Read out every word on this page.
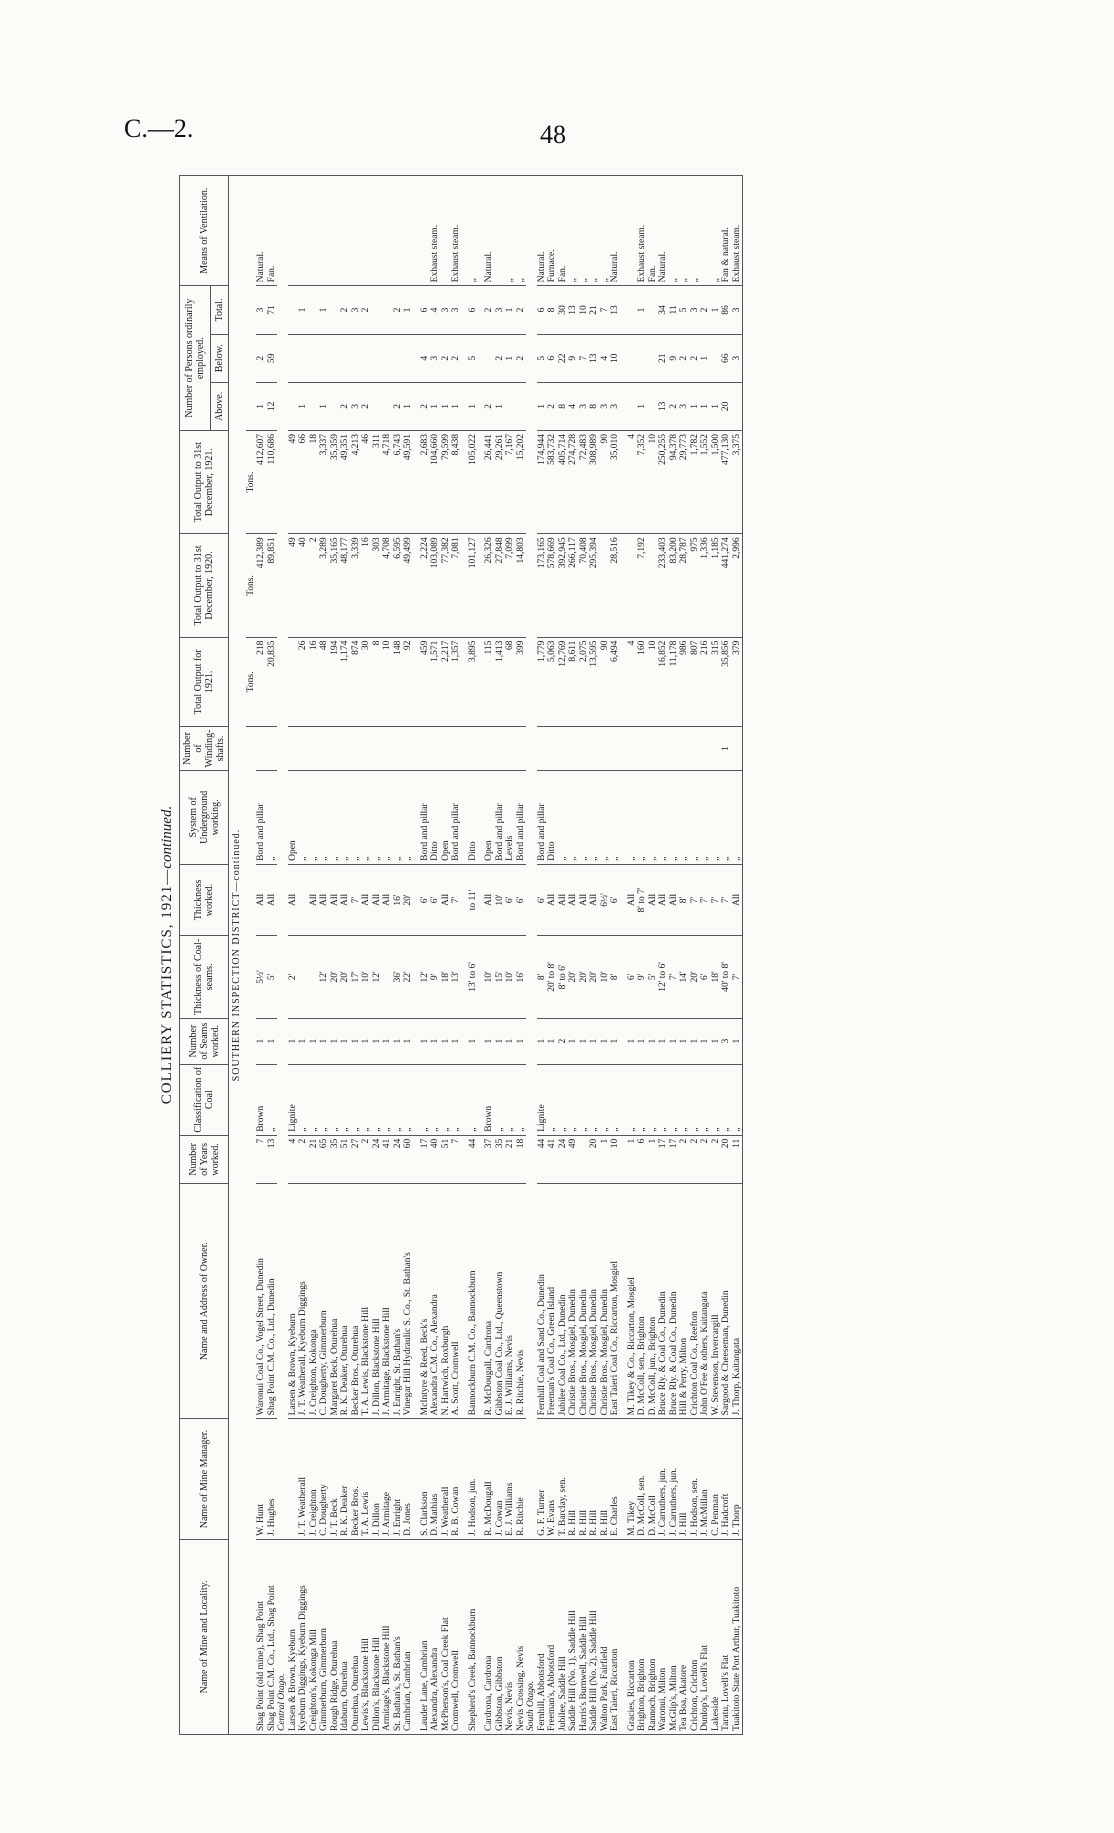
C.—2.	48
COLLIERY STATISTICS, 1921—continued.
Name of Mine and Locality.	Name of Mine Manager.	Name and Address of Owner.	Number of Years worked.	Classification of Coal	Number of Seams worked.	Thickness of Coal-seams.	Thickness worked.	System of Underground working.	Number of Winding-shafts.	Total Output for 1921.	Total Output to 31st December, 1920.	Total Output to 31st December, 1921.	Number of Persons ordinarily employed.			Means of Ventilation.
													Above.	Below.	Total.	
SOUTHERN INSPECTION DISTRICT—continued.																
										Tons.	Tons.	Tons.				
Shag Point (old mine), Shag Point	W. Hunt	Waronui Coal Co., Vogel Street, Dunedin	7	Brown	1	5½'	All	Bord and pillar		218	412,389	412,607	1	2	3	Natural.
Shag Point C.M. Co., Ltd., Shag Point	J. Hughes	Shag Point C.M. Co., Ltd., Dunedin	13	„	1	5'	All	„		20,835	89,851	110,686	12	59	71	Fan.
Central Otago.																
Larsen & Brown, Kyeburn		Larsen & Brown, Kyeburn	4	Lignite	1	2'	All	Open			49	49				
Kyeburn Diggings, Kyeburn Diggings	J. T. Weatherall	J. T. Weatherall, Kyeburn Diggings	2	„	1			„		26	40	66	1		1	
Creighton's, Kokonga Mill	J. Creighton	J. Creighton, Kokonga	21	„	1		All	„		16	2	18				
Gimmerburn, Gimmerburn	C. Dougherty	C. Dougherty, Gimmerburn	65	„	1	12'	All	„		48	3,289	3,337	1		1	
Rough Ridge, Oturehua	J. T. Beck	Margaret Beck, Oturehua	35	„	1	20'	All	„		194	35,165	35,359				
Idaburn, Oturehua	R. K. Deaker	R. K. Deaker, Oturehua	51	„	1	20'	All	„		1,174	48,177	49,351	2		2	
Oturehua, Oturehua	Becker Bros.	Becker Bros., Oturehua	27	„	1	17'	7'	„		874	3,339	4,213	3		3	
Lewis's, Blackstone Hill	T. A. Lewis	T. A. Lewis, Blackstone Hill	2	„	1	10'	All	„		30	16	46	2		2	
Dillon's, Blackstone Hill	J. Dillon	J. Dillon, Blackstone Hill	24	„	1	12'	All	„		8	303	311				
Armitage's, Blackstone Hill	J. Armitage	J. Armitage, Blackstone Hill	41	„	1		All	„		10	4,708	4,718				
St. Bathan's, St. Bathan's	J. Enright	J. Enright, St. Bathan's	24	„	1	36'	16'	„		148	6,595	6,743	2		2	
Cambrian, Cambrian	D. Jones	Vinegar Hill Hydraulic S. Co., St. Bathan's	60	„	1	22'	20'	„		92	49,499	49,591	1		1	

Lauder Lane, Cambrian	S. Clarkson	McIntyre & Reed, Beck's	17	„	1	12'	6'	Bord and pillar		459	2,224	2,683	2	4	6	
Alexandra, Alexandra	D. Mathias	Alexandra C.M. Co., Alexandra	40	„	1	9'	6'	Ditto		1,571	103,089	104,660	1	3	4	Exhaust steam.
McPherson's, Coal Creek Flat	J. Weatherall	N. Hartwich, Roxburgh	51	„	1	18'	All	Open		2,217	77,382	79,599	1	2	3	
Cromwell, Cromwell	R. B. Cowan	A. Scott, Cromwell	7	„	1	13'	7'	Bord and pillar		1,357	7,081	8,438	1	2	3	Exhaust steam.

Shepherd's Creek, Bannockburn	J. Hodson, jun.	Bannockburn C.M. Co., Bannockburn	44	„	1	13' to 6'	to 11'	Ditto		3,895	101,127	105,022	1	5	6	„

Cardrona, Cardrona	R. McDougall	R. McDougall, Cardrona	37	Brown	1	10'	All	Open		115	26,326	26,441	2		2	Natural.
Gibbston, Gibbston	J. Cowan	Gibbston Coal Co., Ltd., Queenstown	35	„	1	15'	10'	Bord and pillar		1,413	27,848	29,261	1	2	3	
Nevis, Nevis	E. J. Williams	E. J. Williams, Nevis	21	„	1	10'	6'	Levels		68	7,099	7,167		1	1	„
Nevis Crossing, Nevis	R. Ritchie	R. Ritchie, Nevis	18	„	1	16'	6'	Bord and pillar		399	14,803	15,202		2	2	„
South Otago.																
Fernhill, Abbotsford	G. F. Turner	Fernhill Coal and Sand Co., Dunedin	44	Lignite	1	8'	6'	Bord and pillar		1,779	173,165	174,944	1	5	6	Natural.
Freeman's, Abbotsford	W. Evans	Freeman's Coal Co., Green Island	41	„	1	20' to 8'	All	Ditto		5,063	578,669	583,732	2	6	8	Furnace.
Jubilee, Saddle Hill	T. Barclay, sen.	Jubilee Coal Co., Ltd., Dunedin	24	„	2	8' to 6'	All	„		12,769	392,945	405,714	8	22	30	Fan.
Saddle Hill (No. 1), Saddle Hill	R. Hill	Christie Bros., Mosgiel, Dunedin	49	„	1	20'	All	„		8,611	266,117	274,728	4	9	13	„
Harris's Burnwell, Saddle Hill	R. Hill	Christie Bros., Mosgiel, Dunedin		„	1	20'	All	„		2,075	70,408	72,483	3	7	10	„
Saddle Hill (No. 2), Saddle Hill	R. Hill	Christie Bros., Mosgiel, Dunedin	20	„	1	20'	All	„		13,595	295,394	308,989	8	13	21	„
Walton Park, Fairfield	R. Hill	Christie Bros., Mosgiel, Dunedin	1	„	1	10'	6½'	„		90		90	3	4	7	„
East Taieri, Riccarton	E. Charles	East Taieri Coal Co., Riccarton, Mosgiel	10	„	1	8'	6'	„		6,494	28,516	35,010	3	10	13	Natural.

Gracies, Riccarton	M. Tikey	M. Tikey & Co., Riccarton, Mosgiel	1	„	1	6'	All	„		4		4				
Brighton, Brighton	D. McColl, sen.	D. McColl, sen., Brighton	6	„	1	9'	8' to 7'	„		160	7,192	7,352	1		1	Exhaust steam.
Rannoch, Brighton	D. McColl	D. McColl, jun., Brighton	1	„	1	5'	All	„		10		10				Fan.
Waronui, Milton	J. Carruthers, jun.	Bruce Rly. & Coal Co., Dunedin	17	„	1	12' to 6'	All	„		16,852	233,403	250,255	13	21	34	Natural.
McGlip's, Milton	J. Carruthers, jun.	Bruce Rly. & Coal Co., Dunedin	17	„	1	7'	All	„		11,178	83,200	94,378	2	9	11	„
Tea Boa, Akatore	J. Hill	Hill & Perry, Milton	2	„	1	14'	8'	„		986	28,787	29,773	3	2	5	„
Crichton, Crichton	J. Hodson, sen.	Crichton Coal Co., Reefton	2	„	1	20'	7'	„		807	975	1,782	1	2	3	„
Dunlop's, Lovell's Flat	J. McMillan	John O'Fee & others, Kaitangata	2	„	1	6'	7'	„		216	1,336	1,552	1	1	2	
Lakeside	C. Penman	W. Stevenson, Invercargill	2	„	1	18'	7'	„		315	1,185	1,500	1		1	„
Taratu, Lovell's Flat	J. Hadcroft	Sargood & Cheeseman, Dunedin	20	„	3	40' to 8'	7'	„	1	35,856	441,274	477,130	20	66	86	Fan & natural.
Tuakitoto State Port Arthur, Tuakitoto	J. Thorp	J. Thorp, Kaitangata	11	„	1	7'	All	„		379	2,996	3,375		3	3	Exhaust steam.
